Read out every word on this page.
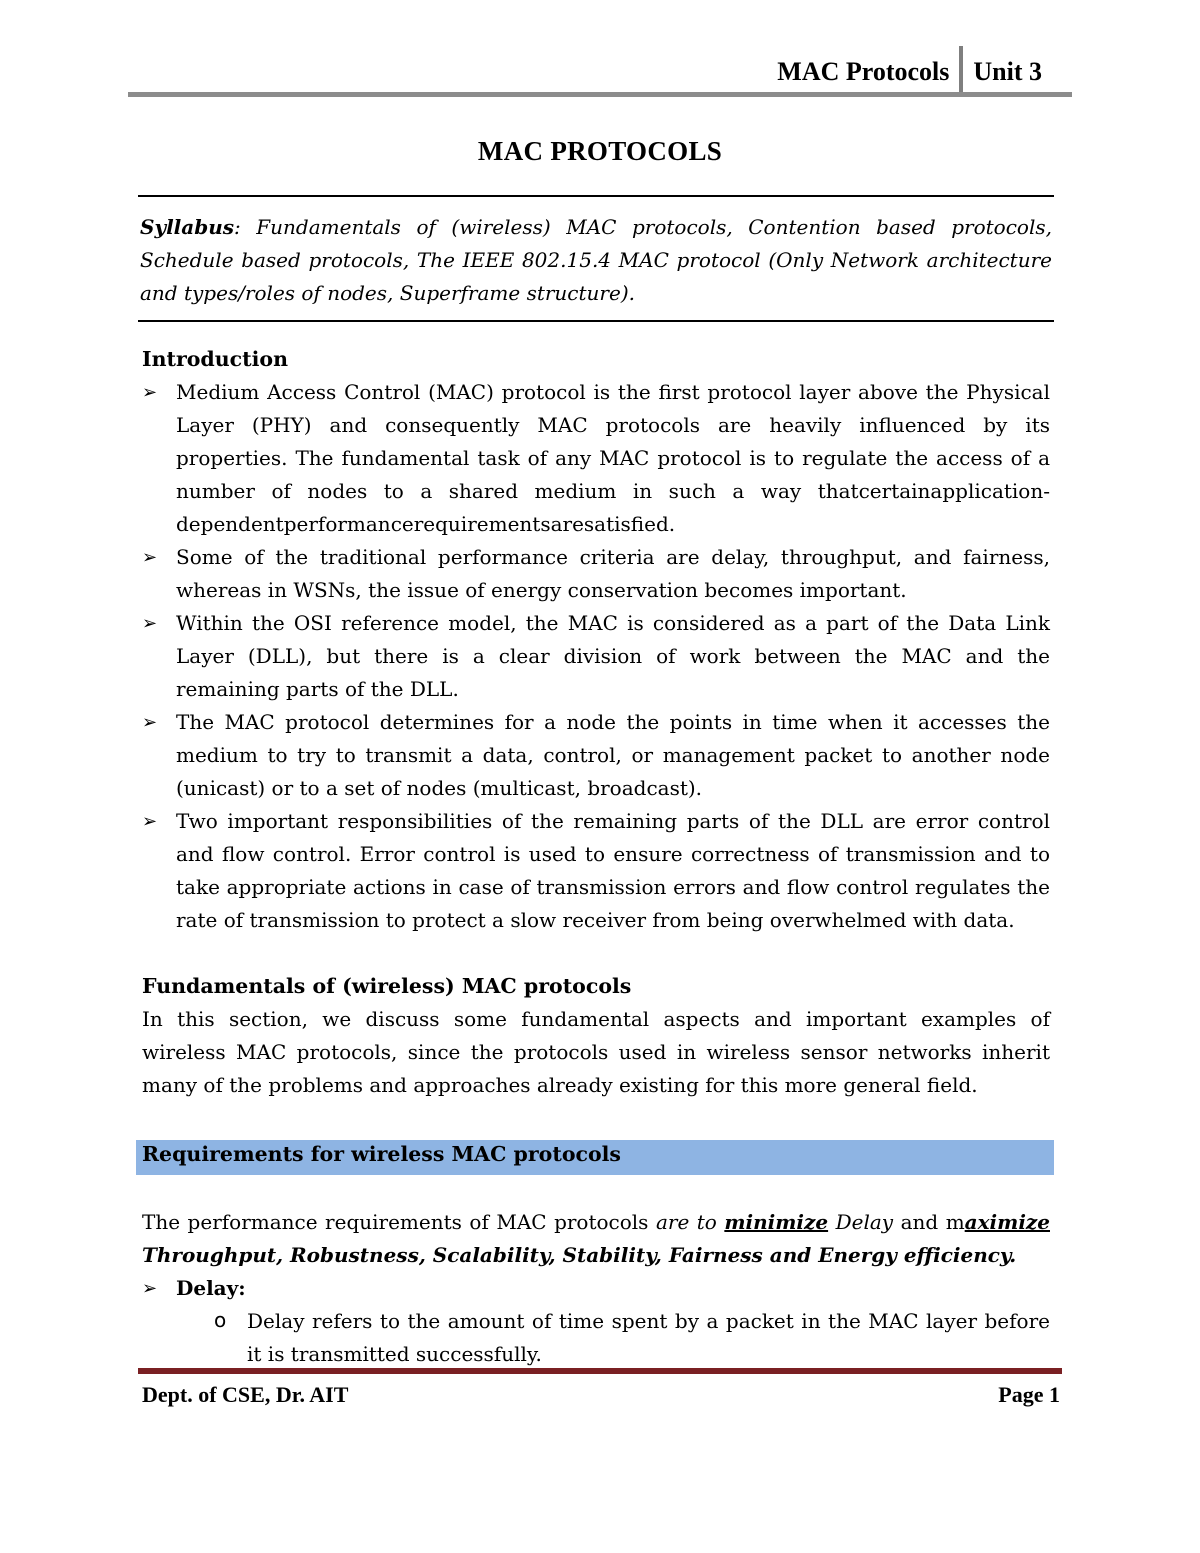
MAC Protocols Unit 3
MAC PROTOCOLS

Syllabus: Fundamentals of (wireless) MAC protocols, Contention based protocols, Schedule based protocols, The IEEE 802.15.4 MAC protocol (Only Network architecture and types/roles of nodes, Superframe structure).

Introduction

➢ Medium Access Control (MAC) protocol is the first protocol layer above the Physical Layer (PHY) and consequently MAC protocols are heavily influenced by its properties. The fundamental task of any MAC protocol is to regulate the access of a number of nodes to a shared medium in such a way thatcertainapplication-dependentperformancerequirementsaresatisfied.
➢ Some of the traditional performance criteria are delay, throughput, and fairness, whereas in WSNs, the issue of energy conservation becomes important.
➢ Within the OSI reference model, the MAC is considered as a part of the Data Link Layer (DLL), but there is a clear division of work between the MAC and the remaining parts of the DLL.
➢ The MAC protocol determines for a node the points in time when it accesses the medium to try to transmit a data, control, or management packet to another node (unicast) or to a set of nodes (multicast, broadcast).
➢ Two important responsibilities of the remaining parts of the DLL are error control and flow control. Error control is used to ensure correctness of transmission and to take appropriate actions in case of transmission errors and flow control regulates the rate of transmission to protect a slow receiver from being overwhelmed with data.

Fundamentals of (wireless) MAC protocols

In this section, we discuss some fundamental aspects and important examples of wireless MAC protocols, since the protocols used in wireless sensor networks inherit many of the problems and approaches already existing for this more general field.

Requirements for wireless MAC protocols

The performance requirements of MAC protocols are to minimize Delay and maximize Throughput, Robustness, Scalability, Stability, Fairness and Energy efficiency.

➢ Delay:

o Delay refers to the amount of time spent by a packet in the MAC layer before it is transmitted successfully.

Dept. of CSE, Dr. AIT	Page 1
